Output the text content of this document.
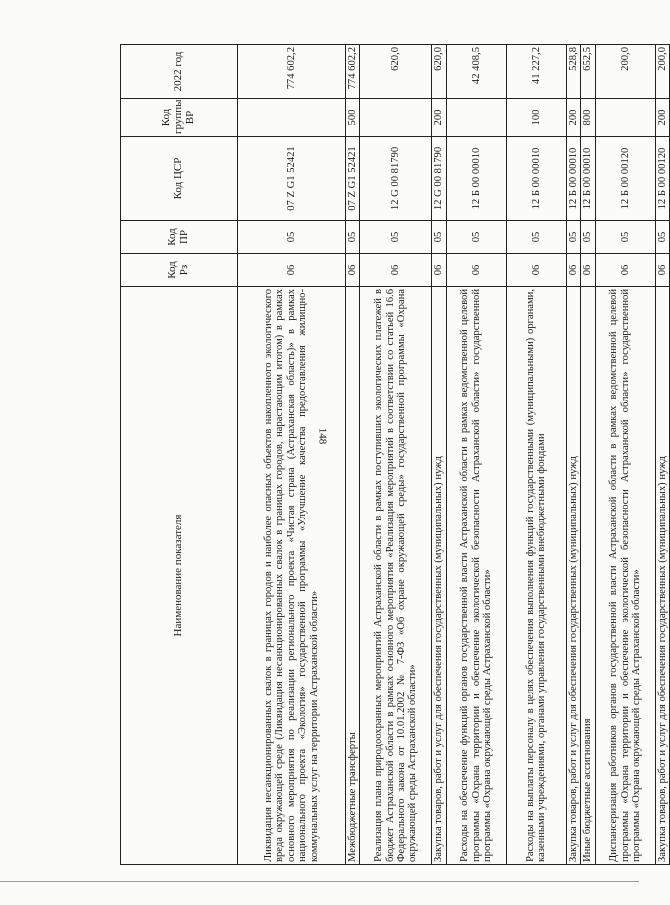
148
Наименование показателя	Код Рз	Код ПР	Код ЦСР	Код группы ВР	2022 год
Ликвидация несанкционированных свалок в границах городов и наиболее опасных объектов накопленного экологического вреда окружающей среде (Ликвидация несанкционированных свалок в границах городов, нарастающим итогом) в рамках основного мероприятия по реализации регионального проекта «Чистая страна (Астраханская область)» в рамках национального проекта «Экология» государственной программы «Улучшение качества предоставления жилищно-коммунальных услуг на территории Астраханской области»	06	05	07 Z G1 52421		774 602,2
Межбюджетные трансферты	06	05	07 Z G1 52421	500	774 602,2
Реализация плана природоохранных мероприятий Астраханской области в рамках поступивших экологических платежей в бюджет Астраханской области в рамках основного мероприятия «Реализация мероприятий в соответствии со статьей 16.6 Федерального закона от 10.01.2002 № 7-ФЗ «Об охране окружающей среды» государственной программы «Охрана окружающей среды Астраханской области»	06	05	12 G 00 81790		620,0
Закупка товаров, работ и услуг для обеспечения государственных (муниципальных) нужд	06	05	12 G 00 81790	200	620,0
Расходы на обеспечение функций органов государственной власти Астраханской области в рамках ведомственной целевой программы «Охрана территории и обеспечение экологической безопасности Астраханской области» государственной программы «Охрана окружающей среды Астраханской области»	06	05	12 Б 00 00010		42 408,5
Расходы на выплаты персоналу в целях обеспечения выполнения функций государственными (муниципальными) органами, казенными учреждениями, органами управления государственными внебюджетными фондами	06	05	12 Б 00 00010	100	41 227,2
Закупка товаров, работ и услуг для обеспечения государственных (муниципальных) нужд	06	05	12 Б 00 00010	200	528,8
Иные бюджетные ассигнования	06	05	12 Б 00 00010	800	652,5
Диспансеризация работников органов государственной власти Астраханской области в рамках ведомственной целевой программы «Охрана территории и обеспечение экологической безопасности Астраханской области» государственной программы «Охрана окружающей среды Астраханской области»	06	05	12 Б 00 00120		200,0
Закупка товаров, работ и услуг для обеспечения государственных (муниципальных) нужд	06	05	12 Б 00 00120	200	200,0
